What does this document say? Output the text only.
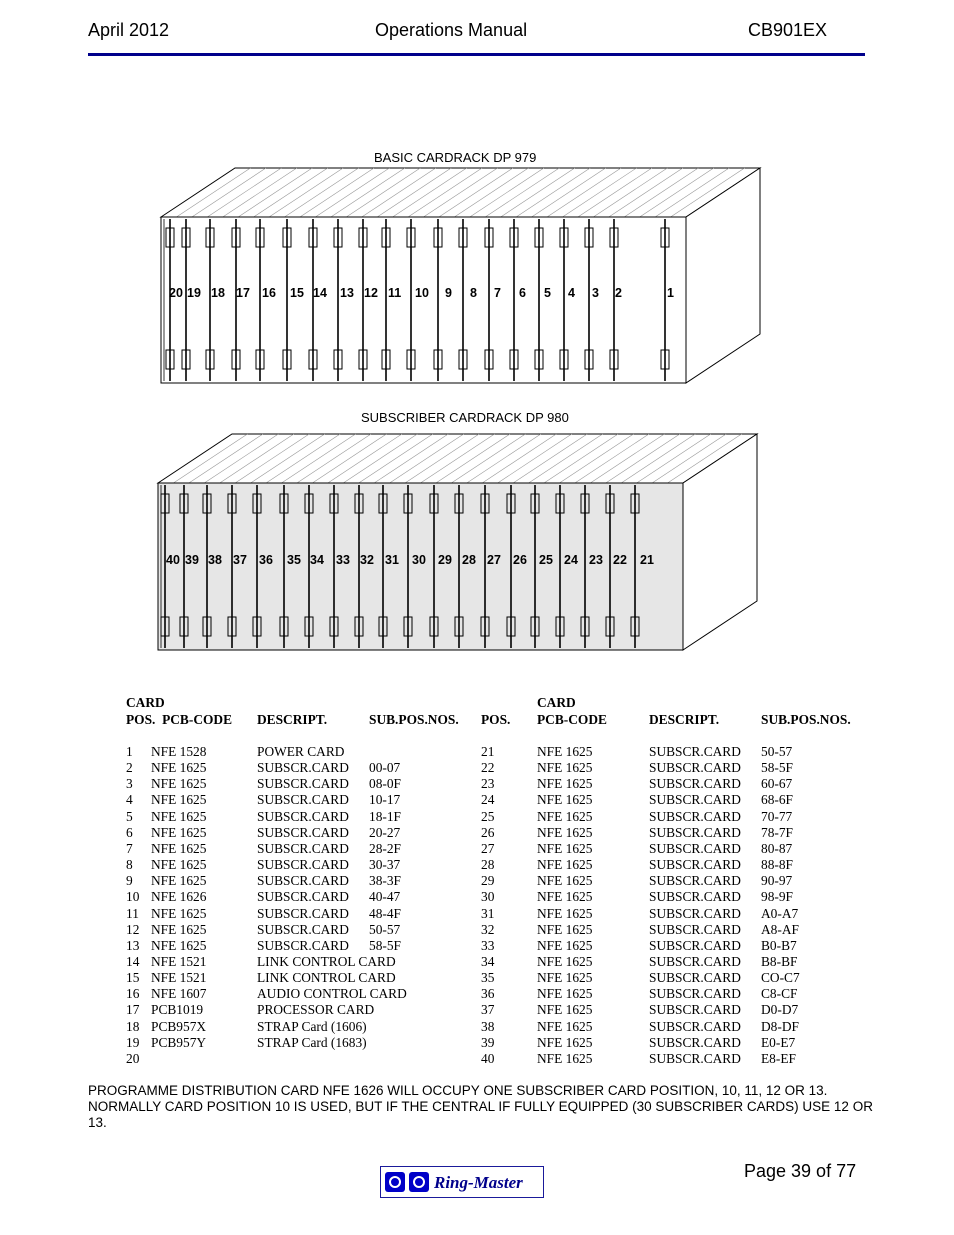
April 2012	Operations Manual	CB901EX
BASIC CARDRACK DP 979
20 19 18 17 16 15 14 13 12 11 10 9 8 7 6 5 4 3 2	1
SUBSCRIBER CARDRACK DP 980
40 39 38 37 36 35 34 33 32 31 30 29 28 27 26 25 24 23 22 21
CARD	CARD
POS.  PCB-CODE DESCRIPT.	SUB.POS.NOS. POS. PCB-CODE	DESCRIPT.	SUB.POS.NOS.
1 NFE 1528	POWER CARD	21	NFE 1625	SUBSCR.CARD 50-57
2 NFE 1625	SUBSCR.CARD 00-07	22	NFE 1625	SUBSCR.CARD 58-5F
3 NFE 1625	SUBSCR.CARD 08-0F	23	NFE 1625	SUBSCR.CARD 60-67
4 NFE 1625	SUBSCR.CARD 10-17	24	NFE 1625	SUBSCR.CARD 68-6F
5 NFE 1625	SUBSCR.CARD 18-1F	25	NFE 1625	SUBSCR.CARD 70-77
6 NFE 1625	SUBSCR.CARD 20-27	26	NFE 1625	SUBSCR.CARD 78-7F
7 NFE 1625	SUBSCR.CARD 28-2F	27	NFE 1625	SUBSCR.CARD 80-87
8 NFE 1625	SUBSCR.CARD 30-37	28	NFE 1625	SUBSCR.CARD 88-8F
9 NFE 1625	SUBSCR.CARD 38-3F	29	NFE 1625	SUBSCR.CARD 90-97
10 NFE 1626	SUBSCR.CARD 40-47	30	NFE 1625	SUBSCR.CARD 98-9F
11 NFE 1625	SUBSCR.CARD 48-4F	31	NFE 1625	SUBSCR.CARD A0-A7
12 NFE 1625	SUBSCR.CARD 50-57	32	NFE 1625	SUBSCR.CARD A8-AF
13 NFE 1625	SUBSCR.CARD 58-5F	33	NFE 1625	SUBSCR.CARD B0-B7
14 NFE 1521	LINK CONTROL CARD	34	NFE 1625	SUBSCR.CARD B8-BF
15 NFE 1521	LINK CONTROL CARD	35	NFE 1625	SUBSCR.CARD CO-C7
16 NFE 1607	AUDIO CONTROL CARD	36	NFE 1625	SUBSCR.CARD C8-CF
17 PCB1019	PROCESSOR CARD	37	NFE 1625	SUBSCR.CARD D0-D7
18 PCB957X	STRAP Card (1606)	38	NFE 1625	SUBSCR.CARD D8-DF
19 PCB957Y	STRAP Card (1683)	39	NFE 1625	SUBSCR.CARD E0-E7
20	40	NFE 1625	SUBSCR.CARD E8-EF
PROGRAMME DISTRIBUTION CARD NFE 1626 WILL OCCUPY ONE SUBSCRIBER CARD POSITION, 10, 11, 12 OR 13. NORMALLY CARD POSITION 10 IS USED, BUT IF THE CENTRAL IF FULLY EQUIPPED (30 SUBSCRIBER CARDS) USE 12 OR 13.
Ring-Master
Page 39 of 77
